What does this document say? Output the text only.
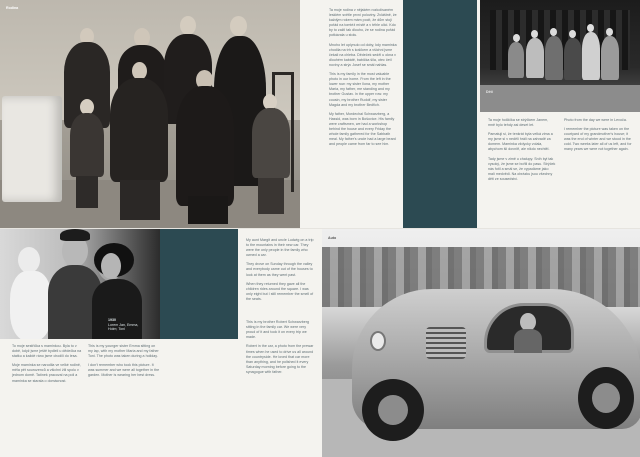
Rodina	Ta moje rodina v nějakém rozkolísaném lesklém světle první poloviny. Zvláštně, že každým rokem mám pocit, že dům stojí pořád na tomtéž místě a v téhle ulici. Kdo by to zažil tak dlouho, že se rodina pořád potkávala u stolu.

Mnoho let uplynulo od doby, kdy maminka chodila na trh s košíkem a všichni jsme čekali na chleba. Dědeček seděl u okna v dlouhém kabátě, babička šila, otec četl noviny a strýc Josef se smál nahlas.

This is my family in the most valuable photo in our home. From the left in the lower row: my sister Ilona, my mother Maria, my father, me standing and my brother Gustav. In the upper row: my cousin, my brother Rudolf, my sister Magda and my brother Bedřich.

My father, Mordechai Schwarzberg, a Hassid, was born in Bošovice. His family were craftsmen, we had a workshop behind the house and every Friday the whole family gathered for the Sabbath meal. My father's uncle had a large beard and people came from far to see him.

Děti

Ta moje holčička se strýčkem Janem, mně bylo tehdy asi deset let.

Pamatuji si, že tenkrát byla velká zima a my jsme si v neděli hráli na zahradě za domem. Maminka vždycky volala, abychom šli dovnitř, ale nikdo nechtěl.

Tady jsme v zimě u chalupy. Sníh byl tak vysoký, že jsme se bořili do pasu. Strýček nás fotil a smál se, že vypadáme jako malí medvědi. Na obrázku jsou všechny děti ze sousedství.

Photo from the day we were in Levoča.

I remember the picture was taken on the courtyard of my grandmother's house; it was the end of winter and we stood in the cold. Two weeks later all of us left, and for many years we were not together again.

1930
Lorem Jan, Emma,
Holm; Toni

To moje sestřička s maminkou. Byla to v době, když jsme ještě bydleli u dědečka na statku a každé ráno jsme chodili do lesa.

Moje maminka se narodila ve velké rodině, měla pět sourozenců a všichni žili spolu v jednom domě. Tatínek pracoval na poli a maminka se starala o domácnost.

This is my younger sister Emma sitting on my lap, with my mother Maria and my father Toni. The photo was taken during a holiday.

I don't remember who took this picture. It was summer and we were all together in the garden. Mother is wearing her best dress.

My aunt Margit and uncle Ludwig on a trip to the mountains in their new car. They were the only people in the family who owned a car.

They drove on Sunday through the valley and everybody came out of the houses to look at them as they went past.

When they returned they gave all the children rides around the square. I was only eight but I still remember the smell of the seats.

This is my brother Robert Schwarzberg sitting in the family car. We were very proud of it and took it on every trip we made.

Robert in the car, a photo from the prewar times when he used to drive us all around the countryside. He loved that car more than anything, and he polished it every Saturday morning before going to the synagogue with father.

Auto
